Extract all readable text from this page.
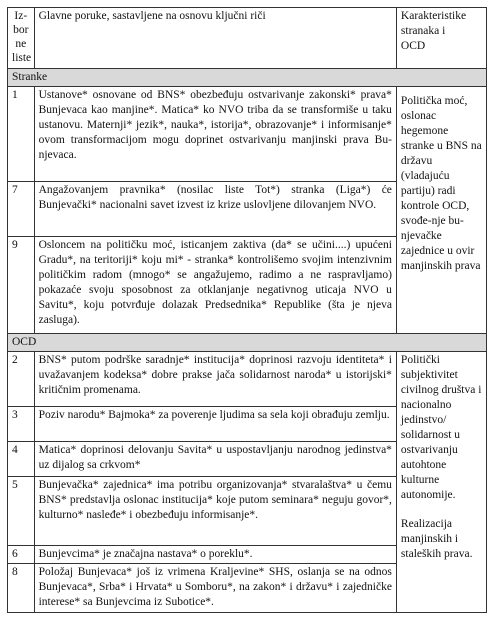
Iz-
bor
ne
liste	Glavne poruke, sastavljene na osnovu ključni riči	Karakteristike
stranaka i
OCD

Stranke		
1	Ustanove* osnovane od BNS* obezbeđuju ostvarivanje zakonski* prava* Bunjevaca kao manjine*. Matica* ko NVO triba da se transformiše u taku ustanovu. Maternji* jezik*, nauka*, istorija*, obrazovanje* i informisanje* ovom transformacijom mogu doprinet ostvarivanju manjinski prava Bu-njevaca.	Politička moć, oslonac hegemone stranke u BNS na državu (vladajuću partiju) radi kontrole OCD, svođe-nje bu-njevačke zajednice u ovir manjinskih prava
7	Angažovanjem pravnika* (nosilac liste Tot*) stranka (Liga*) će Bunjevački* nacionalni savet izvest iz krize uslovljene dilovanjem NVO.	
9	Osloncem na političku moć, isticanjem zaktiva (da* se učini....) upućeni Gradu*, na teritoriji* koju mi* - stranka* kontrolišemo svojim intenzivnim političkim radom (mnogo* se angažujemo, radimo a ne raspravljamo) pokazaće svoju sposobnost za otklanjanje negativnog uticaja NVO u Savitu*, koju potvrđuje dolazak Predsednika* Republike (šta je njeva zasluga).	
OCD		
2	BNS* putom podrške saradnje* institucija* doprinosi razvoju identiteta* i uvažavanjem kodeksa* dobre prakse jača solidarnost naroda* u istorijski* kritičnim promenama.	Politički subjektivitet civilnog društva i nacionalno jedinstvo/ solidarnost u ostvarivanju autohtone kulturne autonomije.
Realizacija manjinskih i staleških prava.
3	Poziv narodu* Bajmoka* za poverenje ljudima sa sela koji obrađuju zemlju.	
4	Matica* doprinosi delovanju Savita* u uspostavljanju narodnog jedinstva* uz dijalog sa crkvom*	
5	Bunjevačka* zajednica* ima potribu organizovanja* stvaralaštva* u čemu BNS* predstavlja oslonac institucija* koje putom seminara* neguju govor*, kulturno* nasleđe* i obezbeđuju informisanje*.	
6	Bunjevcima* je značajna nastava* o poreklu*.	
8	Položaj Bunjevaca* još iz vrimena Kraljevine* SHS, oslanja se na odnos Bunjevaca*, Srba* i Hrvata* u Somboru*, na zakon* i državu* i zajedničke interese* sa Bunjevcima iz Subotice*.	
